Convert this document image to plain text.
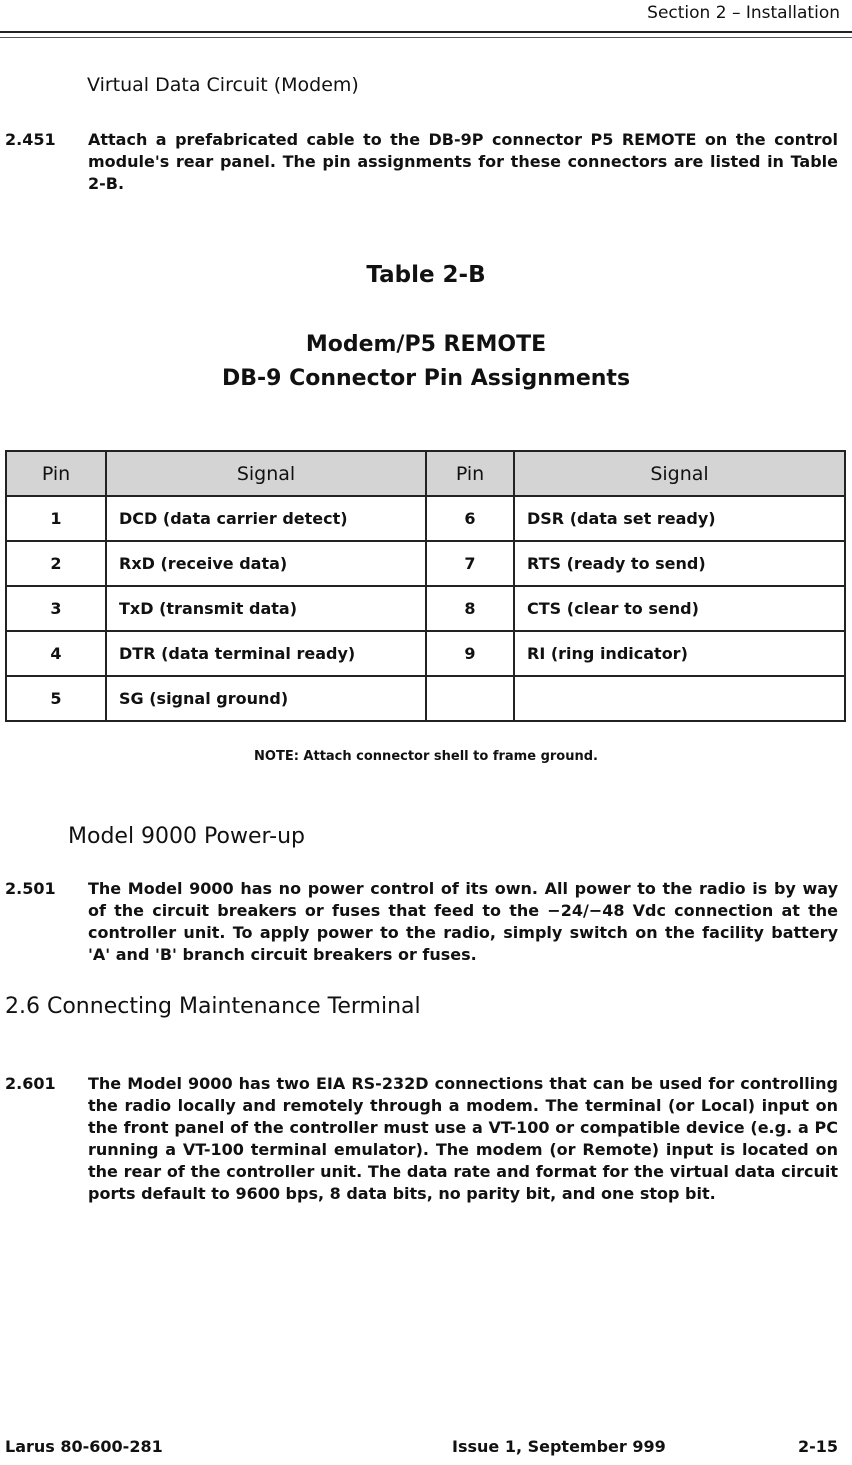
Section 2 – Installation
Virtual Data Circuit (Modem)
2.451 Attach a prefabricated cable to the DB-9P connector P5 REMOTE on the control module's rear panel. The pin assignments for these connectors are listed in Table 2-B.
Table 2-B
Modem/P5 REMOTE
DB-9 Connector Pin Assignments
Pin	Signal	Pin	Signal
1	DCD (data carrier detect)	6	DSR (data set ready)
2	RxD (receive data)	7	RTS (ready to send)
3	TxD (transmit data)	8	CTS (clear to send)
4	DTR (data terminal ready)	9	RI (ring indicator)
5	SG (signal ground)		
NOTE: Attach connector shell to frame ground.
Model 9000 Power-up
2.501 The Model 9000 has no power control of its own. All power to the radio is by way of the circuit breakers or fuses that feed to the −24/−48 Vdc connection at the controller unit. To apply power to the radio, simply switch on the facility battery 'A' and 'B' branch circuit breakers or fuses.
2.6 Connecting Maintenance Terminal
2.601 The Model 9000 has two EIA RS-232D connections that can be used for controlling the radio locally and remotely through a modem. The terminal (or Local) input on the front panel of the controller must use a VT-100 or compatible device (e.g. a PC running a VT-100 terminal emulator). The modem (or Remote) input is located on the rear of the controller unit. The data rate and format for the virtual data circuit ports default to 9600 bps, 8 data bits, no parity bit, and one stop bit.
Larus 80-600-281	Issue 1, September 999	2-15
